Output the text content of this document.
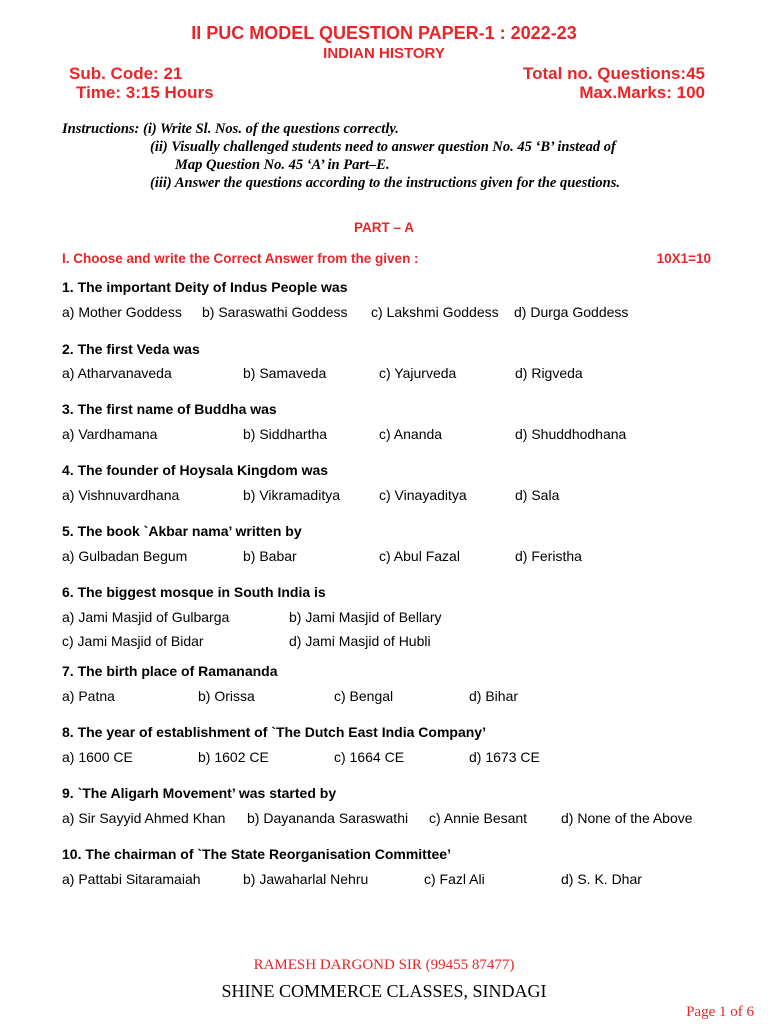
II PUC MODEL QUESTION PAPER-1 : 2022-23
INDIAN HISTORY
Sub. Code: 21	Total no. Questions:45
Time: 3:15 Hours	Max.Marks: 100
Instructions: (i) Write Sl. Nos. of the questions correctly.
(ii) Visually challenged students need to answer question No. 45 ‘B’ instead of
Map Question No. 45 ‘A’ in Part–E.
(iii) Answer the questions according to the instructions given for the questions.
PART – A
I. Choose and write the Correct Answer from the given :	10X1=10
1. The important Deity of Indus People was
a) Mother Goddess b) Saraswathi Goddess c) Lakshmi Goddess d) Durga Goddess
2. The first Veda was
a) Atharvanaveda	b) Samaveda	c) Yajurveda	d) Rigveda
3. The first name of Buddha was
a) Vardhamana	b) Siddhartha	c) Ananda	d) Shuddhodhana
4. The founder of Hoysala Kingdom was
a) Vishnuvardhana	b) Vikramaditya	c) Vinayaditya	d) Sala
5. The book `Akbar nama’ written by
a) Gulbadan Begum	b) Babar	c) Abul Fazal	d) Feristha
6. The biggest mosque in South India is
a) Jami Masjid of Gulbarga	b) Jami Masjid of Bellary
c) Jami Masjid of Bidar	d) Jami Masjid of Hubli
7. The birth place of Ramananda
a) Patna	b) Orissa	c) Bengal	d) Bihar
8. The year of establishment of `The Dutch East India Company’
a) 1600 CE	b) 1602 CE	c) 1664 CE	d) 1673 CE
9. `The Aligarh Movement’ was started by
a) Sir Sayyid Ahmed Khan b) Dayananda Saraswathi c) Annie Besant d) None of the Above
10. The chairman of `The State Reorganisation Committee’
a) Pattabi Sitaramaiah	b) Jawaharlal Nehru	c) Fazl Ali	d) S. K. Dhar
RAMESH DARGOND SIR (99455 87477)
SHINE COMMERCE CLASSES, SINDAGI
Page 1 of 6
